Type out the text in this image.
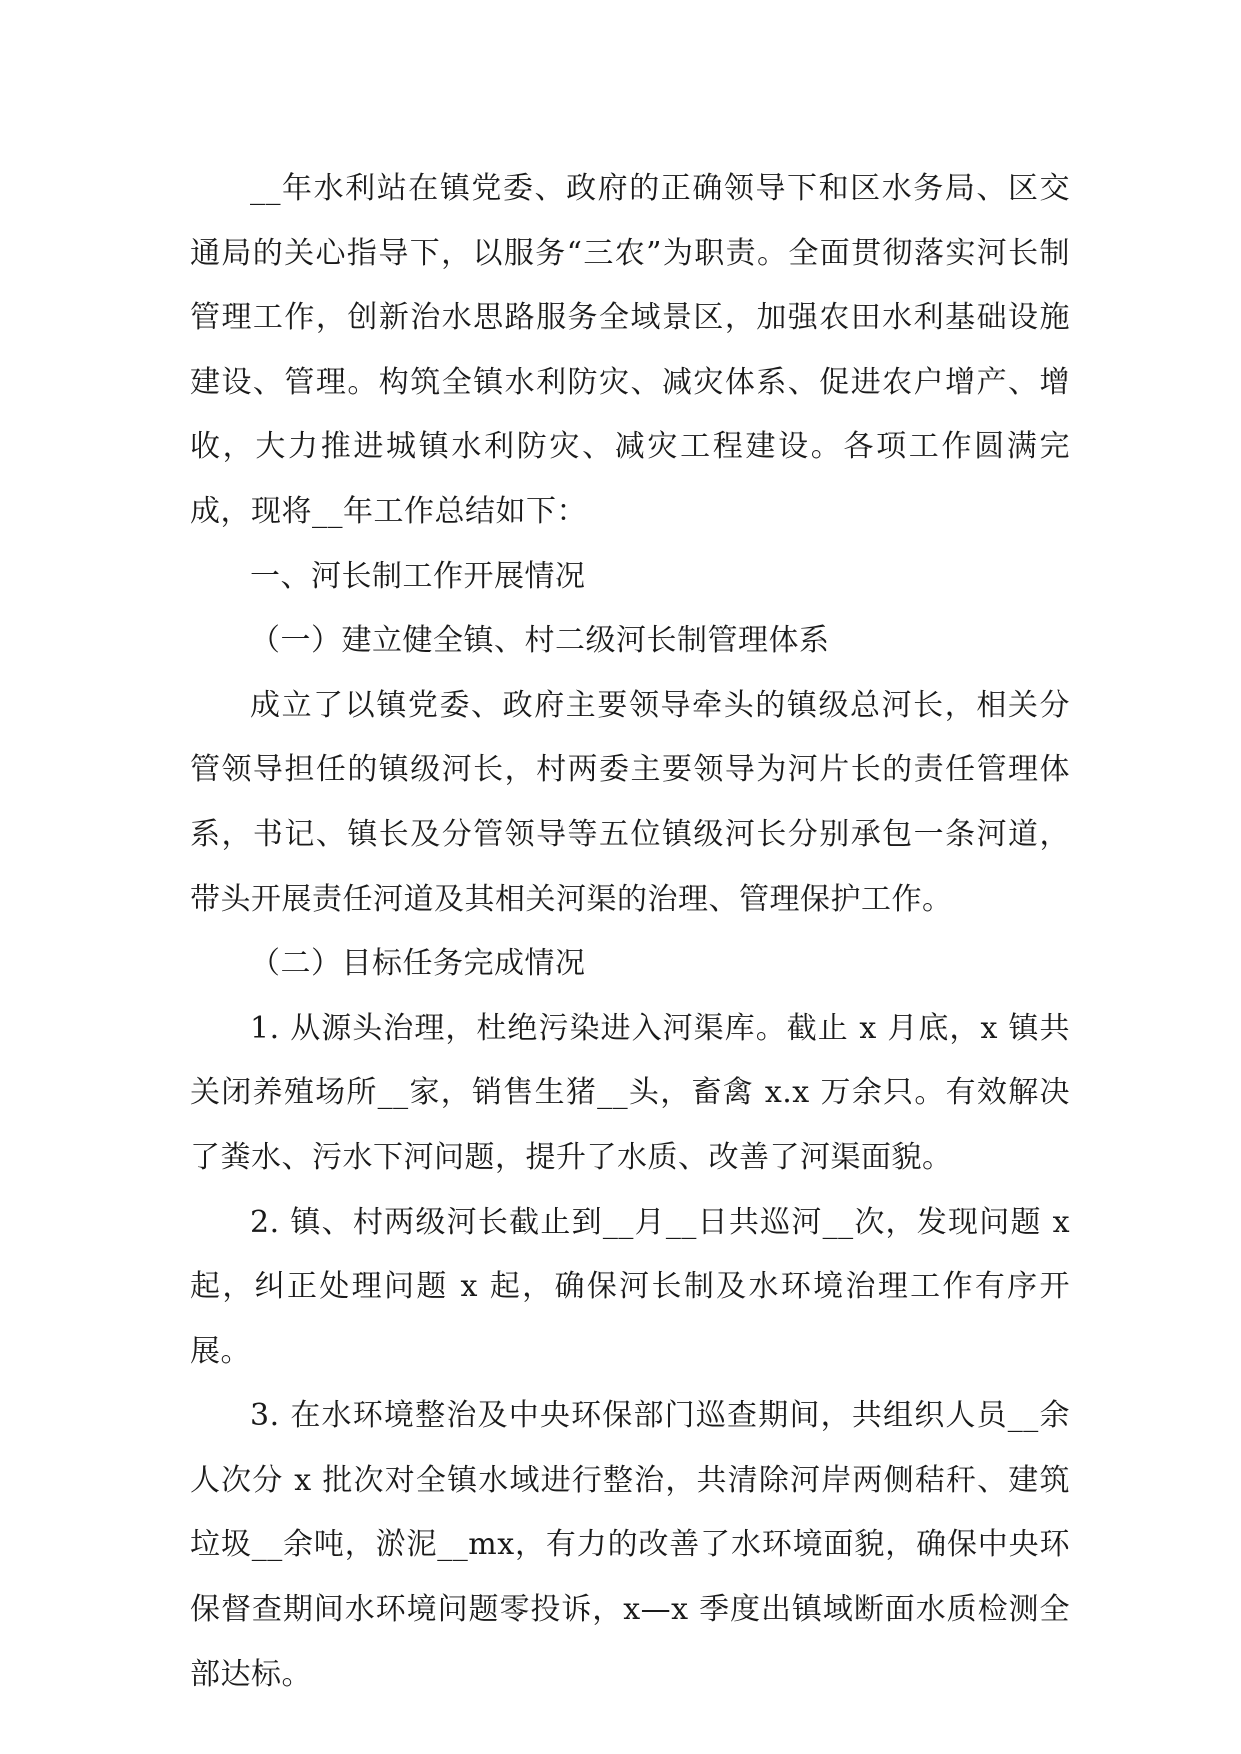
__年水利站在镇党委、政府的正确领导下和区水务局、区交通局的关心指导下，以服务“三农”为职责。全面贯彻落实河长制管理工作，创新治水思路服务全域景区，加强农田水利基础设施建设、管理。构筑全镇水利防灾、减灾体系、促进农户增产、增收，大力推进城镇水利防灾、减灾工程建设。各项工作圆满完成，现将__年工作总结如下：

一、河长制工作开展情况

（一）建立健全镇、村二级河长制管理体系

成立了以镇党委、政府主要领导牵头的镇级总河长，相关分管领导担任的镇级河长，村两委主要领导为河片长的责任管理体系，书记、镇长及分管领导等五位镇级河长分别承包一条河道，带头开展责任河道及其相关河渠的治理、管理保护工作。

（二）目标任务完成情况

1. 从源头治理，杜绝污染进入河渠库。截止 x 月底，x 镇共关闭养殖场所__家，销售生猪__头，畜禽 x.x 万余只。有效解决了粪水、污水下河问题，提升了水质、改善了河渠面貌。

2. 镇、村两级河长截止到__月__日共巡河__次，发现问题 x 起，纠正处理问题 x 起，确保河长制及水环境治理工作有序开展。

3. 在水环境整治及中央环保部门巡查期间，共组织人员__余人次分 x 批次对全镇水域进行整治，共清除河岸两侧秸秆、建筑垃圾__余吨，淤泥__mx，有力的改善了水环境面貌，确保中央环保督查期间水环境问题零投诉，x—x 季度出镇域断面水质检测全部达标。
